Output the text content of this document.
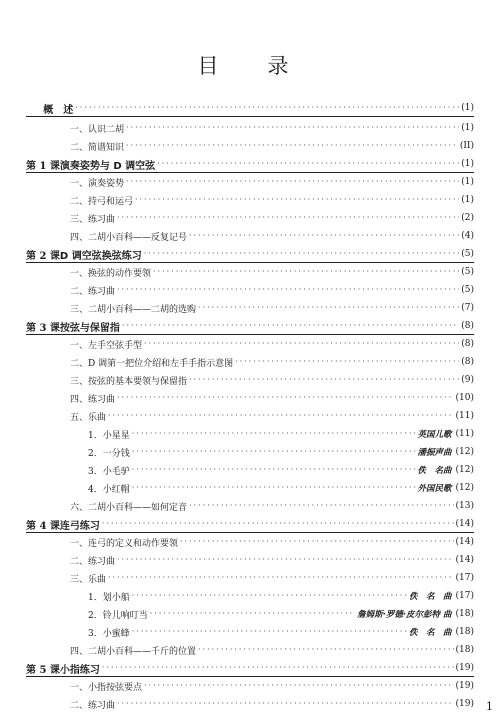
目　录
概　述 ·····	(1)
一、认识二胡 ·····	(1)
二、简谱知识 ·····	(II)
第 1 课 演奏姿势与 D 调空弦 ·····	(1)
一、演奏姿势 ·····	(1)
二、持弓和运弓 ·····	(1)
三、练习曲 ·····	(2)
四、二胡小百科——反复记号 ·····	(4)
第 2 课 D 调空弦换弦练习 ·····	(5)
一、换弦的动作要领 ·····	(5)
二、练习曲 ·····	(5)
三、二胡小百科——二胡的选购 ·····	(7)
第 3 课 按弦与保留指 ·····	(8)
一、左手空弦手型 ·····	(8)
二、D 调第一把位介绍和左手手指示意图 ·····	(8)
三、按弦的基本要领与保留指 ·····	(9)
四、练习曲 ·····	(10)
五、乐曲 ·····	(11)
1．小星星 ·····	英国儿歌 (11)
2．一分钱 ·····	潘振声曲 (12)
3．小毛驴 ·····	佚　名曲 (12)
4．小红帽 ·····	外国民歌 (12)
六、二胡小百科——如何定音 ·····	(13)
第 4 课 连弓练习 ·····	(14)
一、连弓的定义和动作要领 ·····	(14)
二、练习曲 ·····	(14)
三、乐曲 ·····	(17)
1．划小船 ·····	佚　名　曲 (17)
2．铃儿响叮当 ·····	詹姆斯·罗德·皮尔彭特 曲 (18)
3．小蜜蜂 ·····	佚　名　曲 (18)
四、二胡小百科——千斤的位置 ·····	(18)
第 5 课 小指练习 ·····	(19)
一、小指按弦要点 ·····	(19)
二、练习曲 ·····	(19) 1
